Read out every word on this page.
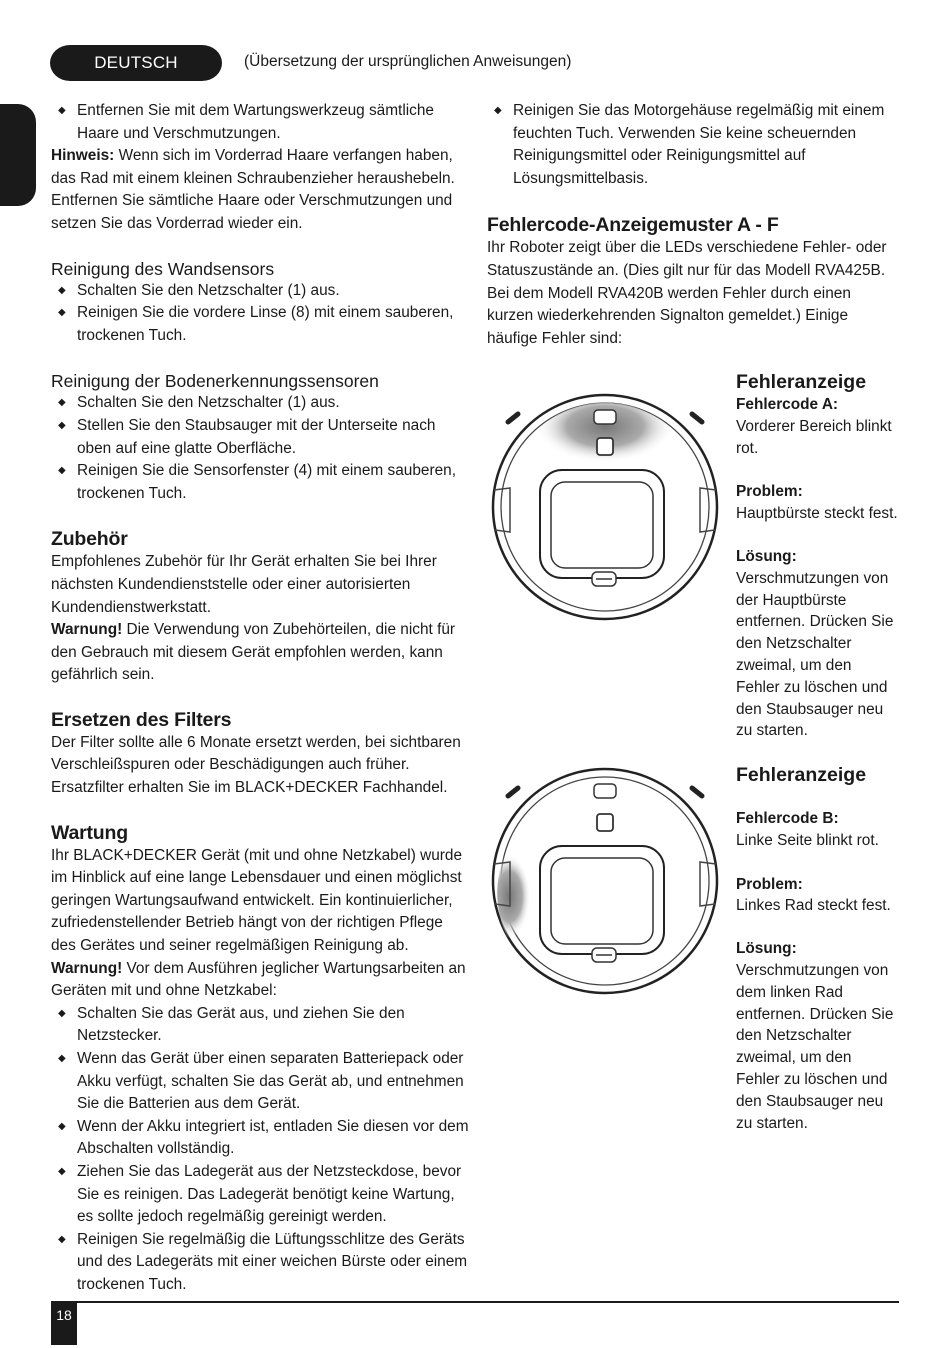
DEUTSCH	(Übersetzung der ursprünglichen Anweisungen)
◆ Entfernen Sie mit dem Wartungswerkzeug sämtliche Haare und Verschmutzungen.
Hinweis: Wenn sich im Vorderrad Haare verfangen haben, das Rad mit einem kleinen Schraubenzieher heraushebeln. Entfernen Sie sämtliche Haare oder Verschmutzungen und setzen Sie das Vorderrad wieder ein.
Reinigung des Wandsensors
◆ Schalten Sie den Netzschalter (1) aus.
◆ Reinigen Sie die vordere Linse (8) mit einem sauberen, trockenen Tuch.
Reinigung der Bodenerkennungssensoren
◆ Schalten Sie den Netzschalter (1) aus.
◆ Stellen Sie den Staubsauger mit der Unterseite nach oben auf eine glatte Oberfläche.
◆ Reinigen Sie die Sensorfenster (4) mit einem sauberen, trockenen Tuch.
Zubehör
Empfohlenes Zubehör für Ihr Gerät erhalten Sie bei Ihrer nächsten Kundendienststelle oder einer autorisierten Kundendienstwerkstatt.
Warnung! Die Verwendung von Zubehörteilen, die nicht für den Gebrauch mit diesem Gerät empfohlen werden, kann gefährlich sein.
Ersetzen des Filters
Der Filter sollte alle 6 Monate ersetzt werden, bei sichtbaren Verschleißspuren oder Beschädigungen auch früher. Ersatzfilter erhalten Sie im BLACK+DECKER Fachhandel.
Wartung
Ihr BLACK+DECKER Gerät (mit und ohne Netzkabel) wurde im Hinblick auf eine lange Lebensdauer und einen möglichst geringen Wartungsaufwand entwickelt. Ein kontinuierlicher, zufriedenstellender Betrieb hängt von der richtigen Pflege des Gerätes und seiner regelmäßigen Reinigung ab.
Warnung! Vor dem Ausführen jeglicher Wartungsarbeiten an Geräten mit und ohne Netzkabel:
◆ Schalten Sie das Gerät aus, und ziehen Sie den Netzstecker.
◆ Wenn das Gerät über einen separaten Batteriepack oder Akku verfügt, schalten Sie das Gerät ab, und entnehmen Sie die Batterien aus dem Gerät.
◆ Wenn der Akku integriert ist, entladen Sie diesen vor dem Abschalten vollständig.
◆ Ziehen Sie das Ladegerät aus der Netzsteckdose, bevor Sie es reinigen. Das Ladegerät benötigt keine Wartung, es sollte jedoch regelmäßig gereinigt werden.
◆ Reinigen Sie regelmäßig die Lüftungsschlitze des Geräts und des Ladegeräts mit einer weichen Bürste oder einem trockenen Tuch.
◆ Reinigen Sie das Motorgehäuse regelmäßig mit einem feuchten Tuch. Verwenden Sie keine scheuernden Reinigungsmittel oder Reinigungsmittel auf Lösungsmittelbasis.
Fehlercode-Anzeigemuster A - F
Ihr Roboter zeigt über die LEDs verschiedene Fehler- oder Statuszustände an. (Dies gilt nur für das Modell RVA425B. Bei dem Modell RVA420B werden Fehler durch einen kurzen wiederkehrenden Signalton gemeldet.) Einige häufige Fehler sind:
Fehleranzeige
Fehlercode A:
Vorderer Bereich blinkt rot.
Problem:
Hauptbürste steckt fest.
Lösung:
Verschmutzungen von der Hauptbürste entfernen. Drücken Sie den Netzschalter zweimal, um den Fehler zu löschen und den Staubsauger neu zu starten.
Fehleranzeige
Fehlercode B:
Linke Seite blinkt rot.
Problem:
Linkes Rad steckt fest.
Lösung:
Verschmutzungen von dem linken Rad entfernen. Drücken Sie den Netzschalter zweimal, um den Fehler zu löschen und den Staubsauger neu zu starten.
18
